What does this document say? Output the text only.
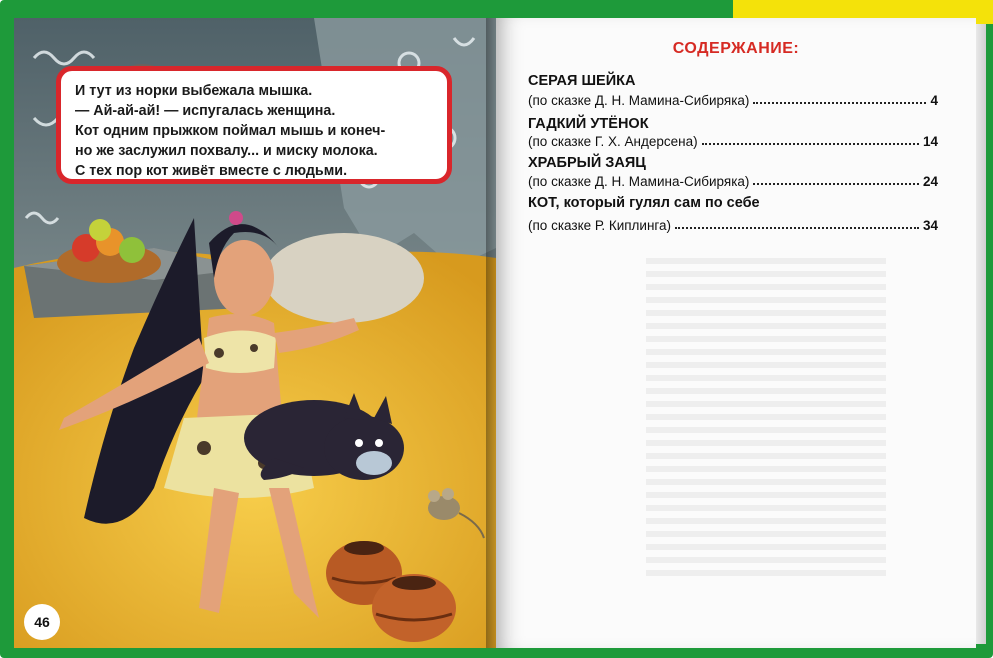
И тут из норки выбежала мышка.
— Ай-ай-ай! — испугалась женщина.
Кот одним прыжком поймал мышь и конеч-
но же заслужил похвалу... и миску молока.
С тех пор кот живёт вместе с людьми.
46
СОДЕРЖАНИЕ:
СЕРАЯ ШЕЙКА
(по сказке Д. Н. Мамина-Сибиряка)	4
ГАДКИЙ УТЁНОК
(по сказке Г. Х. Андерсена)	14
ХРАБРЫЙ ЗАЯЦ
(по сказке Д. Н. Мамина-Сибиряка)	24
КОТ, который гулял сам по себе
(по сказке Р. Киплинга)	34
